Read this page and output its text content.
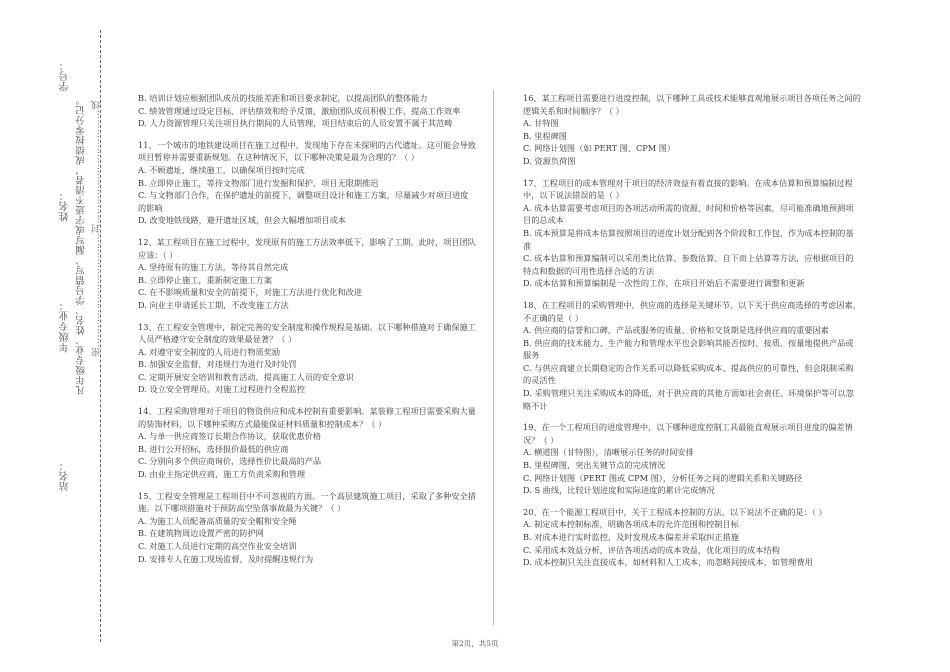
学号：
凡年级专业、姓名、学号错写、漏写或字迹不清者，成绩按零分记。
姓名： 密………………………………封………………………………线
年级专业：
站名：

B. 培训计划应根据团队成员的技能差距和项目要求制定，以提高团队的整体能力

C. 绩效管理通过设定目标、评估绩效和给予反馈，激励团队成员积极工作，提高工作效率

D. 人力资源管理只关注项目执行期间的人员管理，项目结束后的人员安置不属于其范畴

11、一个城市的地铁建设项目在施工过程中，发现地下存在未探明的古代遗址。这可能会导致项目暂停并需要重新规划。在这种情况下，以下哪种决策是最为合理的？（ ）

A. 不顾遗址，继续施工，以确保项目按时完成

B. 立即停止施工，等待文物部门进行发掘和保护，项目无限期推迟

C. 与文物部门合作，在保护遗址的前提下，调整项目设计和施工方案，尽量减少对项目进度的影响

D. 改变地铁线路，避开遗址区域，但会大幅增加项目成本

12、某工程项目在施工过程中，发现原有的施工方法效率低下，影响了工期。此时，项目团队应该：（ ）

A. 坚持原有的施工方法，等待其自然完成

B. 立即停止施工，重新制定施工方案

C. 在不影响质量和安全的前提下，对施工方法进行优化和改进

D. 向业主申请延长工期，不改变施工方法

13、在工程安全管理中，制定完善的安全制度和操作规程是基础。以下哪种措施对于确保施工人员严格遵守安全制度的效果最显著？（ ）

A. 对遵守安全制度的人员进行物质奖励

B. 加强安全监督，对违规行为进行及时处罚

C. 定期开展安全培训和教育活动，提高施工人员的安全意识

D. 设立安全管理员，对施工过程进行全程监控

14、工程采购管理对于项目的物资供应和成本控制有重要影响。某装修工程项目需要采购大量的装饰材料，以下哪种采购方式最能保证材料质量和控制成本？（ ）

A. 与单一供应商签订长期合作协议，获取优惠价格

B. 进行公开招标，选择报价最低的供应商

C. 分别向多个供应商询价，选择性价比最高的产品

D. 由业主指定供应商，施工方负责采购和管理

15、工程安全管理是工程项目中不可忽视的方面。一个高层建筑施工项目，采取了多种安全措施。以下哪项措施对于预防高空坠落事故最为关键？（ ）

A. 为施工人员配备高质量的安全帽和安全绳

B. 在建筑物周边设置严密的防护网

C. 对施工人员进行定期的高空作业安全培训

D. 安排专人在施工现场监督，及时提醒违规行为

16、某工程项目需要进行进度控制，以下哪种工具或技术能够直观地展示项目各项任务之间的逻辑关系和时间顺序？（ ）

A. 甘特图

B. 里程碑图

C. 网络计划图（如 PERT 图、CPM 图）

D. 资源负荷图

17、工程项目的成本管理对于项目的经济效益有着直接的影响。在成本估算和预算编制过程中，以下说法错误的是（ ）

A. 成本估算需要考虑项目的各项活动所需的资源、时间和价格等因素，尽可能准确地预测项目的总成本

B. 成本预算是将成本估算按照项目的进度计划分配到各个阶段和工作包，作为成本控制的基准

C. 成本估算和预算编制可以采用类比估算、参数估算、自下而上估算等方法，应根据项目的特点和数据的可用性选择合适的方法

D. 成本估算和预算编制是一次性的工作，在项目开始后不需要进行调整和更新

18、在工程项目的采购管理中，供应商的选择是关键环节。以下关于供应商选择的考虑因素，不正确的是（ ）

A. 供应商的信誉和口碑、产品或服务的质量、价格和交货期是选择供应商的重要因素

B. 供应商的技术能力、生产能力和管理水平也会影响其能否按时、按质、按量地提供产品或服务

C. 与供应商建立长期稳定的合作关系可以降低采购成本、提高供应的可靠性，但会限制采购的灵活性

D. 采购管理只关注采购成本的降低，对于供应商的其他方面如社会责任、环境保护等可以忽略不计

19、在一个工程项目的进度管理中，以下哪种进度控制工具最能直观展示项目进度的偏差情况？（ ）

A. 横道图（甘特图），清晰展示任务的时间安排

B. 里程碑图，突出关键节点的完成情况

C. 网络计划图（PERT 图或 CPM 图），分析任务之间的逻辑关系和关键路径

D. S 曲线，比较计划进度和实际进度的累计完成情况

20、在一个能源工程项目中，关于工程成本控制的方法，以下说法不正确的是：（ ）

A. 制定成本控制标准，明确各项成本的允许范围和控制目标

B. 对成本进行实时监控，及时发现成本偏差并采取纠正措施

C. 采用成本效益分析，评估各项活动的成本效益，优化项目的成本结构

D. 成本控制只关注直接成本，如材料和人工成本，而忽略间接成本，如管理费用

第2页，共5页
